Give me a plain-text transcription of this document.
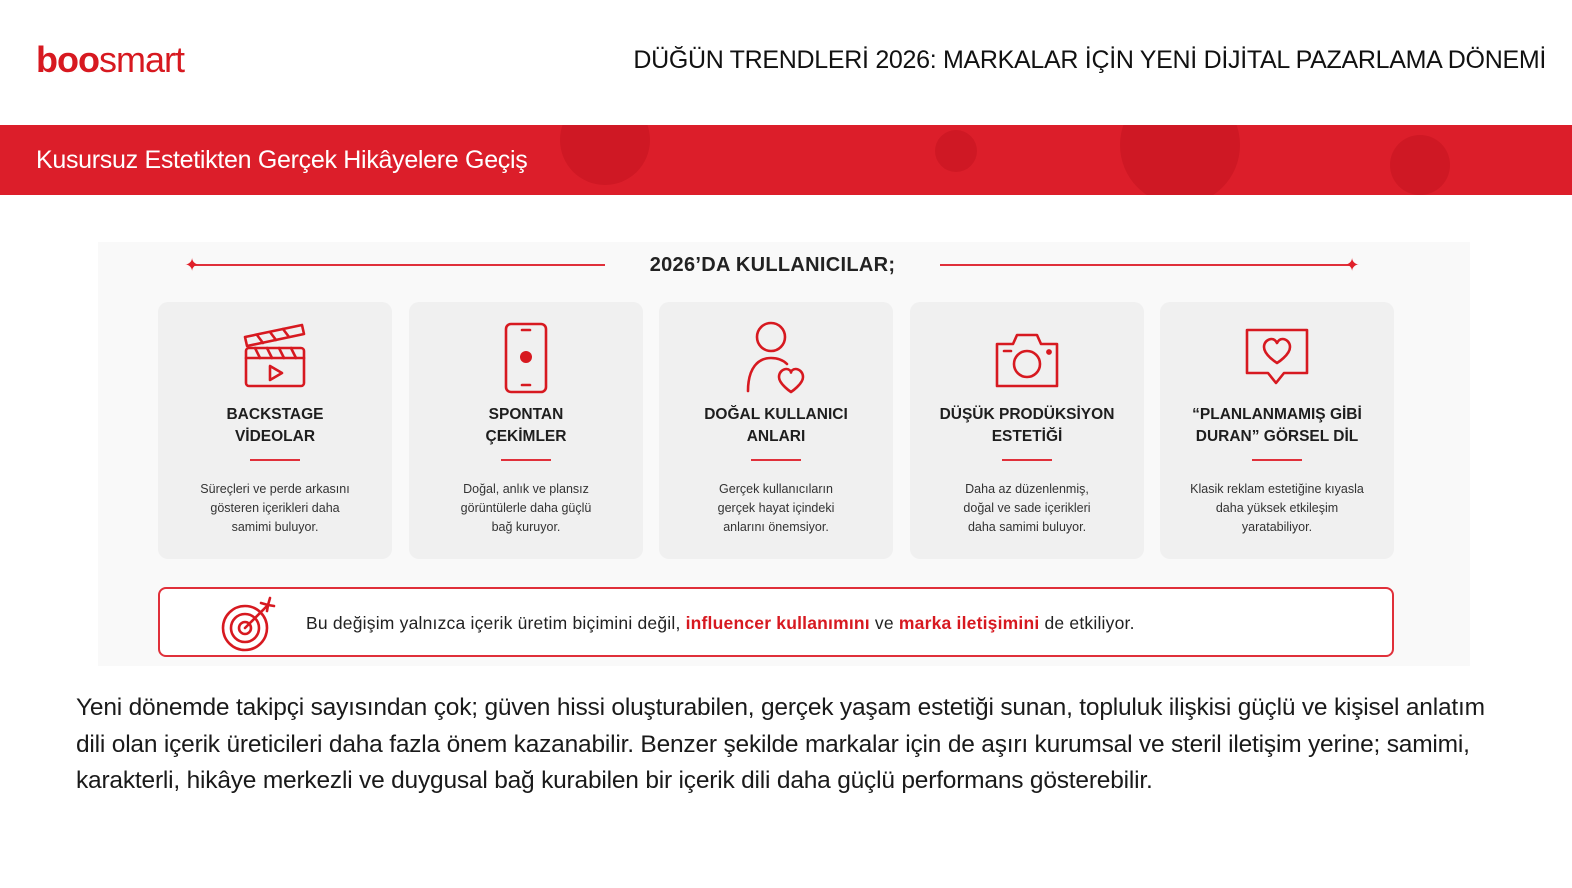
boosmart	DÜĞÜN TRENDLERİ 2026: MARKALAR İÇİN YENİ DİJİTAL PAZARLAMA DÖNEMİ
Kusursuz Estetikten Gerçek Hikâyelere Geçiş
✦	2026’DA KULLANICILAR;	✦
BACKSTAGE
VİDEOLAR
Süreçleri ve perde arkasını
gösteren içerikleri daha
samimi buluyor.
SPONTAN
ÇEKİMLER
Doğal, anlık ve plansız
görüntülerle daha güçlü
bağ kuruyor.
DOĞAL KULLANICI
ANLARI
Gerçek kullanıcıların
gerçek hayat içindeki
anlarını önemsiyor.
DÜŞÜK PRODÜKSİYON
ESTETİĞİ
Daha az düzenlenmiş,
doğal ve sade içerikleri
daha samimi buluyor.
“PLANLANMAMIŞ GİBİ
DURAN” GÖRSEL DİL
Klasik reklam estetiğine kıyasla
daha yüksek etkileşim
yaratabiliyor.
Bu değişim yalnızca içerik üretim biçimini değil, influencer kullanımını ve marka iletişimini de etkiliyor.

Yeni dönemde takipçi sayısından çok; güven hissi oluşturabilen, gerçek yaşam estetiği sunan, topluluk ilişkisi güçlü ve kişisel anlatım dili olan içerik üreticileri daha fazla önem kazanabilir. Benzer şekilde markalar için de aşırı kurumsal ve steril iletişim yerine; samimi, karakterli, hikâye merkezli ve duygusal bağ kurabilen bir içerik dili daha güçlü performans gösterebilir.
